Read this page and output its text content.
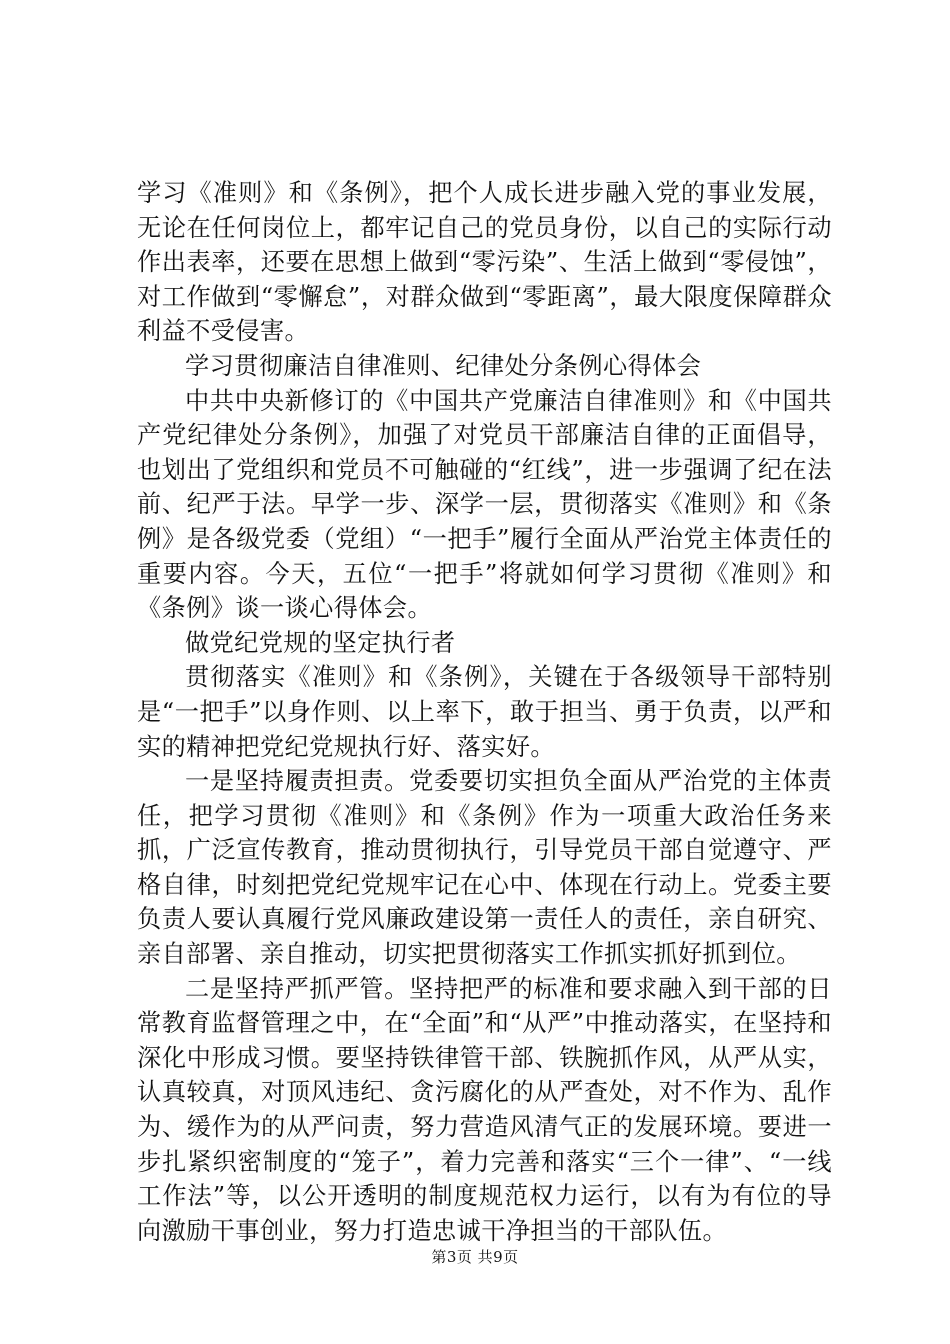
学习《准则》和《条例》，把个人成长进步融入党的事业发展，无论在任何岗位上，都牢记自己的党员身份，以自己的实际行动作出表率，还要在思想上做到“零污染”、生活上做到“零侵蚀”，对工作做到“零懈怠”，对群众做到“零距离”，最大限度保障群众利益不受侵害。

学习贯彻廉洁自律准则、纪律处分条例心得体会

中共中央新修订的《中国共产党廉洁自律准则》和《中国共产党纪律处分条例》，加强了对党员干部廉洁自律的正面倡导，也划出了党组织和党员不可触碰的“红线”，进一步强调了纪在法前、纪严于法。早学一步、深学一层，贯彻落实《准则》和《条例》是各级党委（党组）“一把手”履行全面从严治党主体责任的重要内容。今天，五位“一把手”将就如何学习贯彻《准则》和《条例》谈一谈心得体会。

做党纪党规的坚定执行者

贯彻落实《准则》和《条例》，关键在于各级领导干部特别是“一把手”以身作则、以上率下，敢于担当、勇于负责，以严和实的精神把党纪党规执行好、落实好。

一是坚持履责担责。党委要切实担负全面从严治党的主体责任，把学习贯彻《准则》和《条例》作为一项重大政治任务来抓，广泛宣传教育，推动贯彻执行，引导党员干部自觉遵守、严格自律，时刻把党纪党规牢记在心中、体现在行动上。党委主要负责人要认真履行党风廉政建设第一责任人的责任，亲自研究、亲自部署、亲自推动，切实把贯彻落实工作抓实抓好抓到位。

二是坚持严抓严管。坚持把严的标准和要求融入到干部的日常教育监督管理之中，在“全面”和“从严”中推动落实，在坚持和深化中形成习惯。要坚持铁律管干部、铁腕抓作风，从严从实，认真较真，对顶风违纪、贪污腐化的从严查处，对不作为、乱作为、缓作为的从严问责，努力营造风清气正的发展环境。要进一步扎紧织密制度的“笼子”，着力完善和落实“三个一律”、“一线工作法”等，以公开透明的制度规范权力运行，以有为有位的导向激励干事创业，努力打造忠诚干净担当的干部队伍。

第3页 共9页
